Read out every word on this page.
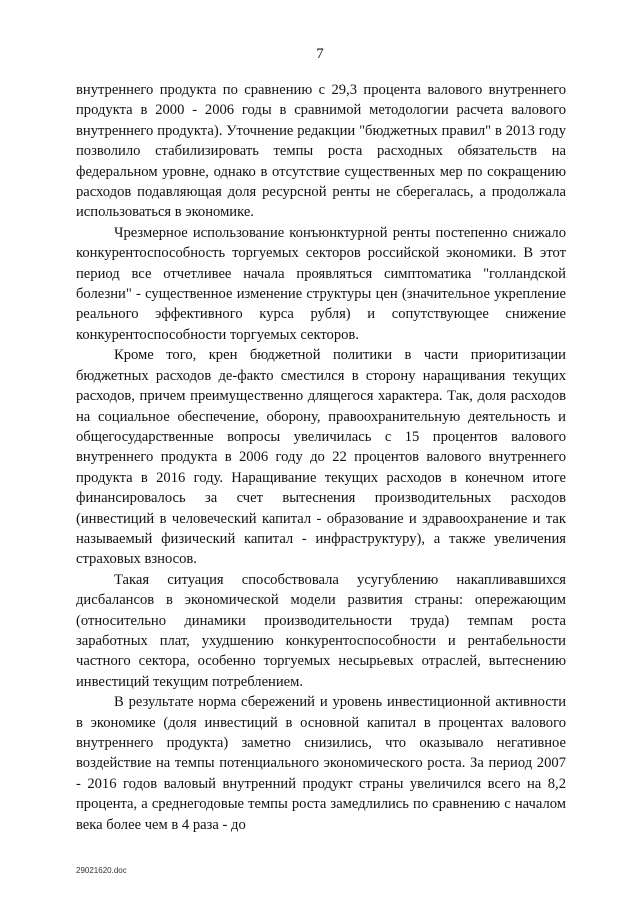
7

внутреннего продукта по сравнению с 29,3 процента валового внутреннего продукта в 2000 - 2006 годы в сравнимой методологии расчета валового внутреннего продукта). Уточнение редакции "бюджетных правил" в 2013 году позволило стабилизировать темпы роста расходных обязательств на федеральном уровне, однако в отсутствие существенных мер по сокращению расходов подавляющая доля ресурсной ренты не сберегалась, а продолжала использоваться в экономике.

Чрезмерное использование конъюнктурной ренты постепенно снижало конкурентоспособность торгуемых секторов российской экономики. В этот период все отчетливее начала проявляться симптоматика "голландской болезни" - существенное изменение структуры цен (значительное укрепление реального эффективного курса рубля) и сопутствующее снижение конкурентоспособности торгуемых секторов.

Кроме того, крен бюджетной политики в части приоритизации бюджетных расходов де-факто сместился в сторону наращивания текущих расходов, причем преимущественно длящегося характера. Так, доля расходов на социальное обеспечение, оборону, правоохранительную деятельность и общегосударственные вопросы увеличилась с 15 процентов валового внутреннего продукта в 2006 году до 22 процентов валового внутреннего продукта в 2016 году. Наращивание текущих расходов в конечном итоге финансировалось за счет вытеснения производительных расходов (инвестиций в человеческий капитал - образование и здравоохранение и так называемый физический капитал - инфраструктуру), а также увеличения страховых взносов.

Такая ситуация способствовала усугублению накапливавшихся дисбалансов в экономической модели развития страны: опережающим (относительно динамики производительности труда) темпам роста заработных плат, ухудшению конкурентоспособности и рентабельности частного сектора, особенно торгуемых несырьевых отраслей, вытеснению инвестиций текущим потреблением.

В результате норма сбережений и уровень инвестиционной активности в экономике (доля инвестиций в основной капитал в процентах валового внутреннего продукта) заметно снизились, что оказывало негативное воздействие на темпы потенциального экономического роста. За период 2007 - 2016 годов валовый внутренний продукт страны увеличился всего на 8,2 процента, а среднегодовые темпы роста замедлились по сравнению с началом века более чем в 4 раза - до

29021620.doc
